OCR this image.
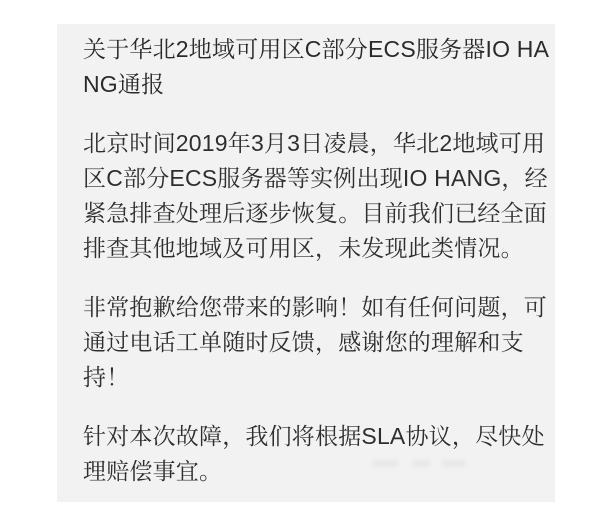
关于华北2地域可用区C部分ECS服务器IO HA
NG通报
北京时间2019年3月3日凌晨，华北2地域可用
区C部分ECS服务器等实例出现IO HANG，经
紧急排查处理后逐步恢复。目前我们已经全面
排查其他地域及可用区，未发现此类情况。
非常抱歉给您带来的影响！如有任何问题，可
通过电话工单随时反馈，感谢您的理解和支
持！
针对本次故障，我们将根据SLA协议，尽快处
理赔偿事宜。
